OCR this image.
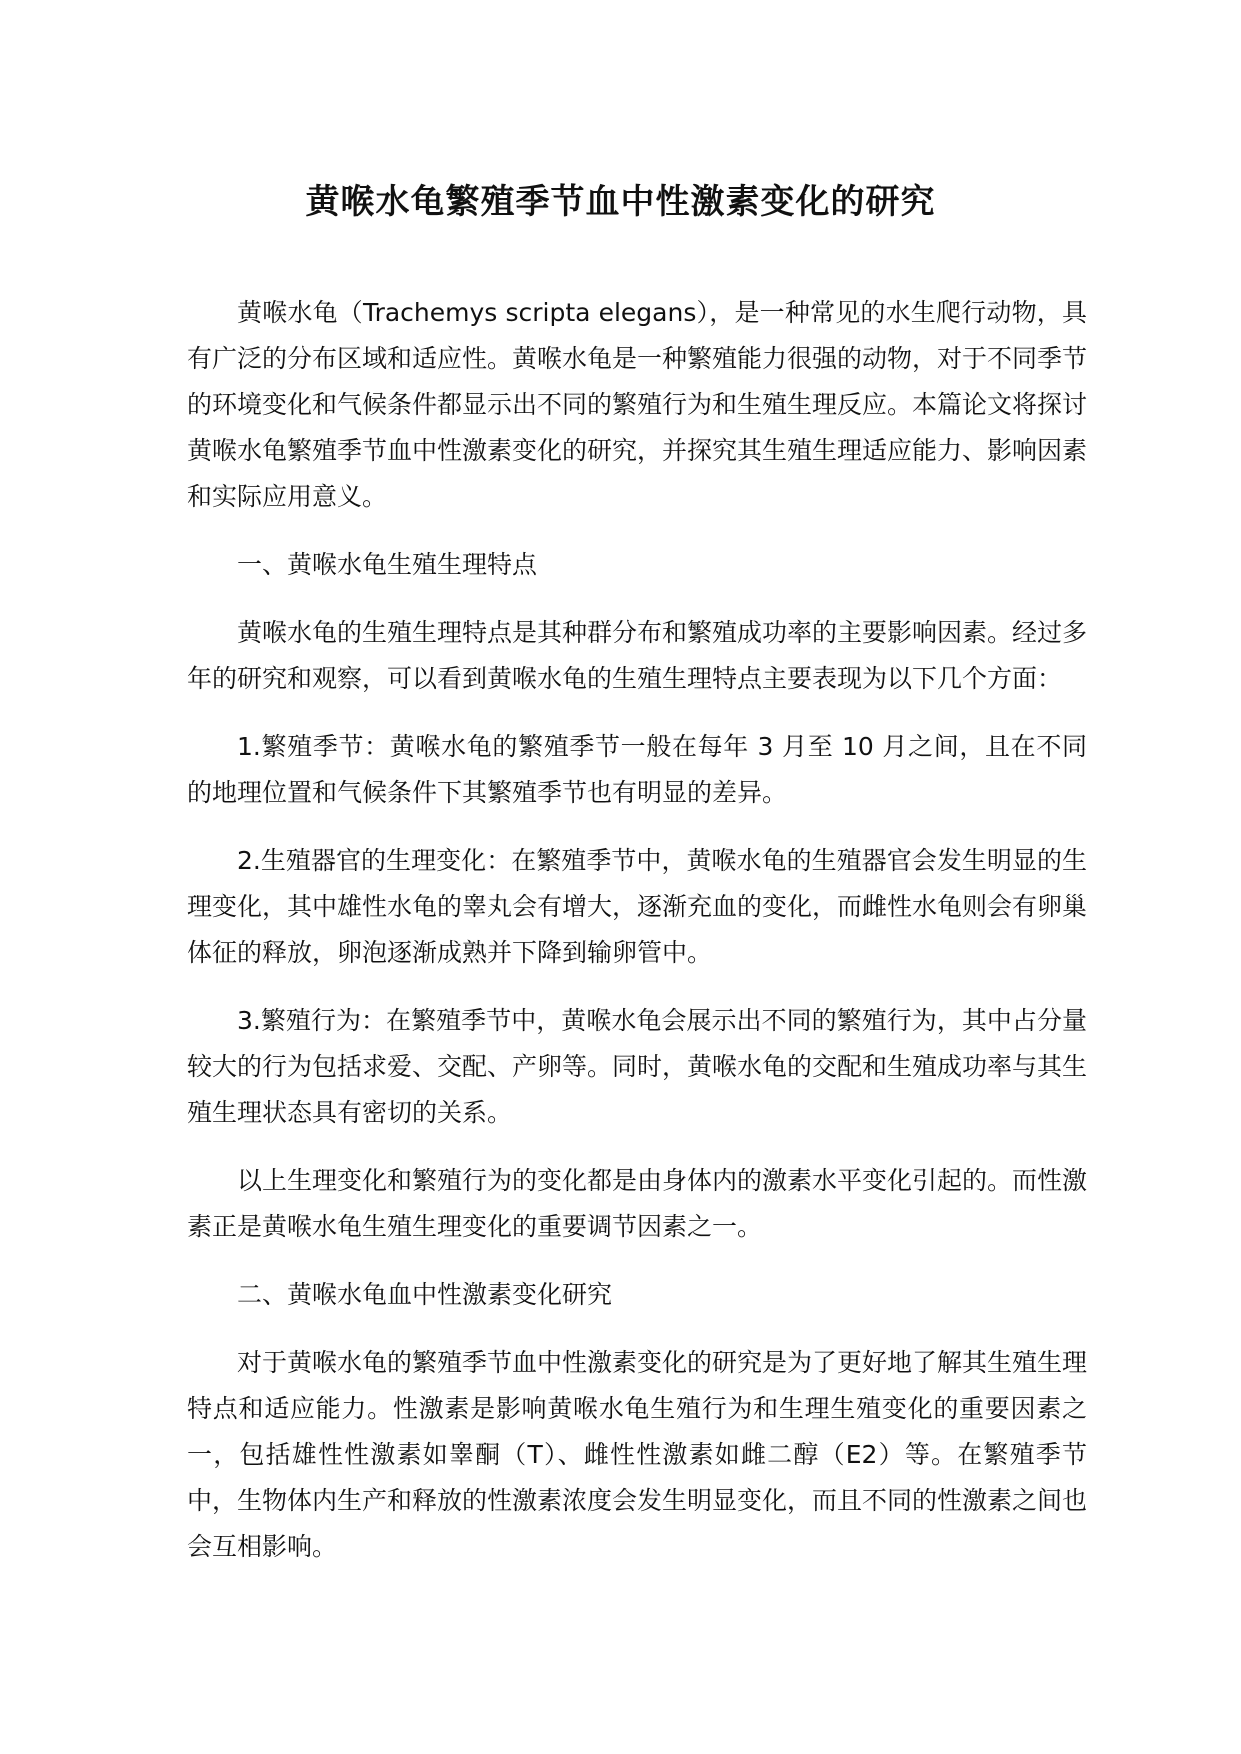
黄喉水龟繁殖季节血中性激素变化的研究

黄喉水龟（Trachemys scripta elegans），是一种常见的水生爬行动物，具有广泛的分布区域和适应性。黄喉水龟是一种繁殖能力很强的动物，对于不同季节的环境变化和气候条件都显示出不同的繁殖行为和生殖生理反应。本篇论文将探讨黄喉水龟繁殖季节血中性激素变化的研究，并探究其生殖生理适应能力、影响因素和实际应用意义。

一、黄喉水龟生殖生理特点

黄喉水龟的生殖生理特点是其种群分布和繁殖成功率的主要影响因素。经过多年的研究和观察，可以看到黄喉水龟的生殖生理特点主要表现为以下几个方面：

1.繁殖季节：黄喉水龟的繁殖季节一般在每年 3 月至 10 月之间，且在不同的地理位置和气候条件下其繁殖季节也有明显的差异。

2.生殖器官的生理变化：在繁殖季节中，黄喉水龟的生殖器官会发生明显的生理变化，其中雄性水龟的睾丸会有增大，逐渐充血的变化，而雌性水龟则会有卵巢体征的释放，卵泡逐渐成熟并下降到输卵管中。

3.繁殖行为：在繁殖季节中，黄喉水龟会展示出不同的繁殖行为，其中占分量较大的行为包括求爱、交配、产卵等。同时，黄喉水龟的交配和生殖成功率与其生殖生理状态具有密切的关系。

以上生理变化和繁殖行为的变化都是由身体内的激素水平变化引起的。而性激素正是黄喉水龟生殖生理变化的重要调节因素之一。

二、黄喉水龟血中性激素变化研究

对于黄喉水龟的繁殖季节血中性激素变化的研究是为了更好地了解其生殖生理特点和适应能力。性激素是影响黄喉水龟生殖行为和生理生殖变化的重要因素之一，包括雄性性激素如睾酮（T）、雌性性激素如雌二醇（E2）等。在繁殖季节中，生物体内生产和释放的性激素浓度会发生明显变化，而且不同的性激素之间也会互相影响。
